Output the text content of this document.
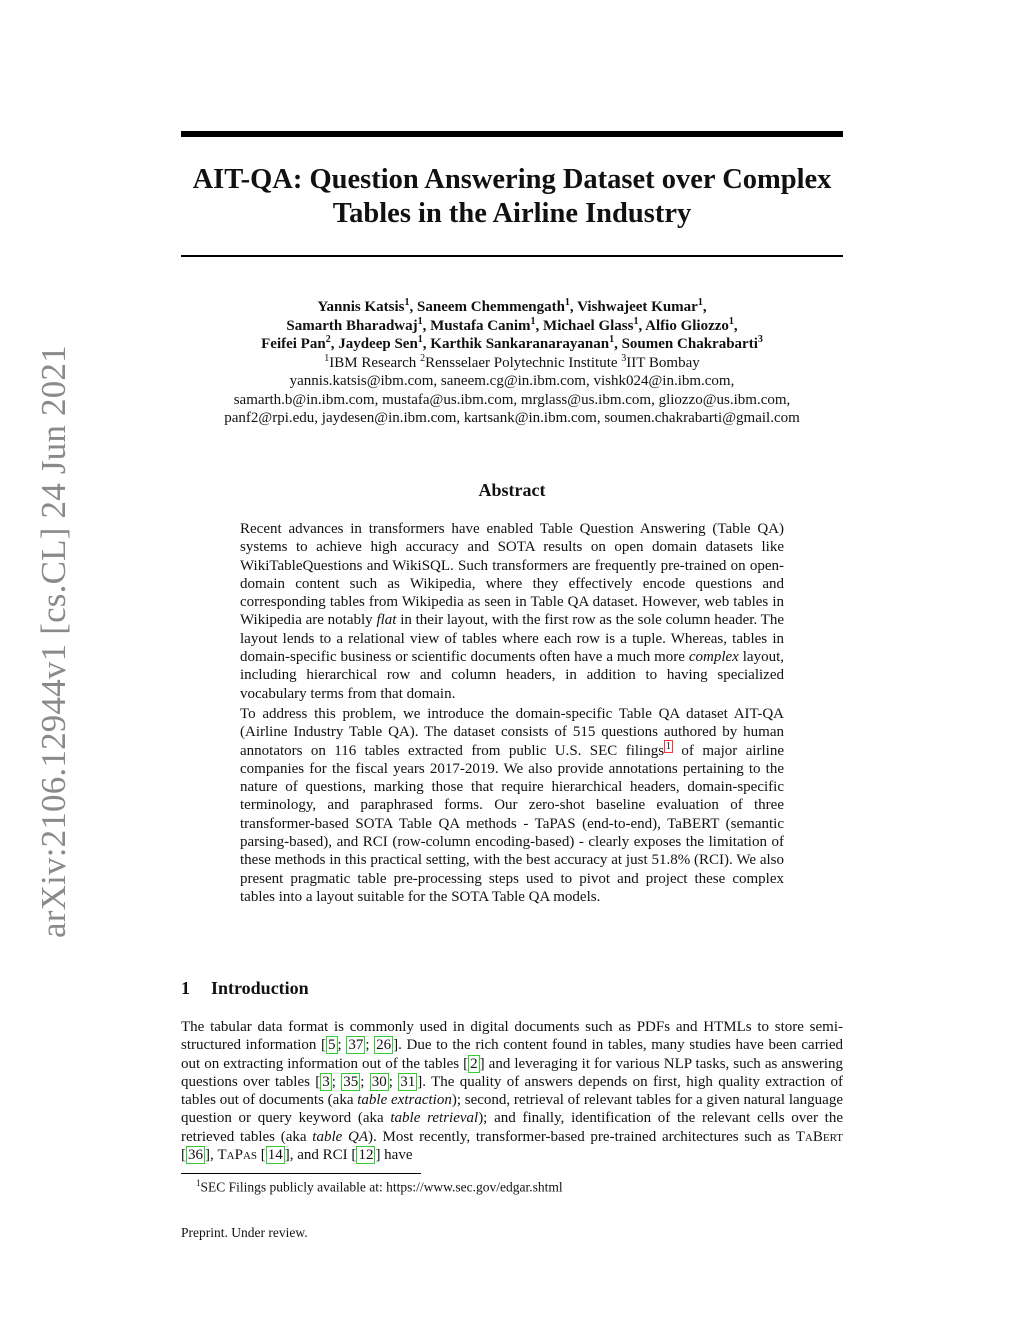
arXiv:2106.12944v1 [cs.CL] 24 Jun 2021
AIT-QA: Question Answering Dataset over Complex
Tables in the Airline Industry
Yannis Katsis$^1$, Saneem Chemmengath$^1$, Vishwajeet Kumar$^1$,
Samarth Bharadwaj$^1$, Mustafa Canim$^1$, Michael Glass$^1$, Alfio Gliozzo$^1$,
Feifei Pan$^2$, Jaydeep Sen$^1$, Karthik Sankaranarayanan$^1$, Soumen Chakrabarti$^3$
$^1$IBM Research $^2$Rensselaer Polytechnic Institute $^3$IIT Bombay
yannis.katsis@ibm.com, saneem.cg@in.ibm.com, vishk024@in.ibm.com,
samarth.b@in.ibm.com, mustafa@us.ibm.com, mrglass@us.ibm.com, gliozzo@us.ibm.com,
panf2@rpi.edu, jaydesen@in.ibm.com, kartsank@in.ibm.com, soumen.chakrabarti@gmail.com
Abstract

Recent advances in transformers have enabled Table Question Answering (Table QA) systems to achieve high accuracy and SOTA results on open domain datasets like WikiTableQuestions and WikiSQL. Such transformers are frequently pre-trained on open-domain content such as Wikipedia, where they effectively encode questions and corresponding tables from Wikipedia as seen in Table QA dataset. However, web tables in Wikipedia are notably flat in their layout, with the first row as the sole column header. The layout lends to a relational view of tables where each row is a tuple. Whereas, tables in domain-specific business or scientific documents often have a much more complex layout, including hierarchical row and column headers, in addition to having specialized vocabulary terms from that domain.

To address this problem, we introduce the domain-specific Table QA dataset AIT-QA (Airline Industry Table QA). The dataset consists of 515 questions authored by human annotators on 116 tables extracted from public U.S. SEC filings $^1$ of major airline companies for the fiscal years 2017-2019. We also provide annotations pertaining to the nature of questions, marking those that require hierarchical headers, domain-specific terminology, and paraphrased forms. Our zero-shot baseline evaluation of three transformer-based SOTA Table QA methods - TaPAS (end-to-end), TaBERT (semantic parsing-based), and RCI (row-column encoding-based) - clearly exposes the limitation of these methods in this practical setting, with the best accuracy at just 51.8% (RCI). We also present pragmatic table pre-processing steps used to pivot and project these complex tables into a layout suitable for the SOTA Table QA models.

1 Introduction

The tabular data format is commonly used in digital documents such as PDFs and HTMLs to store semi-structured information [ 5 ; 37 ; 26 ]. Due to the rich content found in tables, many studies have been carried out on extracting information out of the tables [ 2 ] and leveraging it for various NLP tasks, such as answering questions over tables [ 3 ; 35 ; 30 ; 31 ]. The quality of answers depends on first, high quality extraction of tables out of documents (aka table extraction); second, retrieval of relevant tables for a given natural language question or query keyword (aka table retrieval); and finally, identification of the relevant cells over the retrieved tables (aka table QA). Most recently, transformer-based pre-trained architectures such as TaBert [ 36 ], TaPas [ 14 ], and RCI [ 12 ] have

$^1$SEC Filings publicly available at: https://www.sec.gov/edgar.shtml
Preprint. Under review.
